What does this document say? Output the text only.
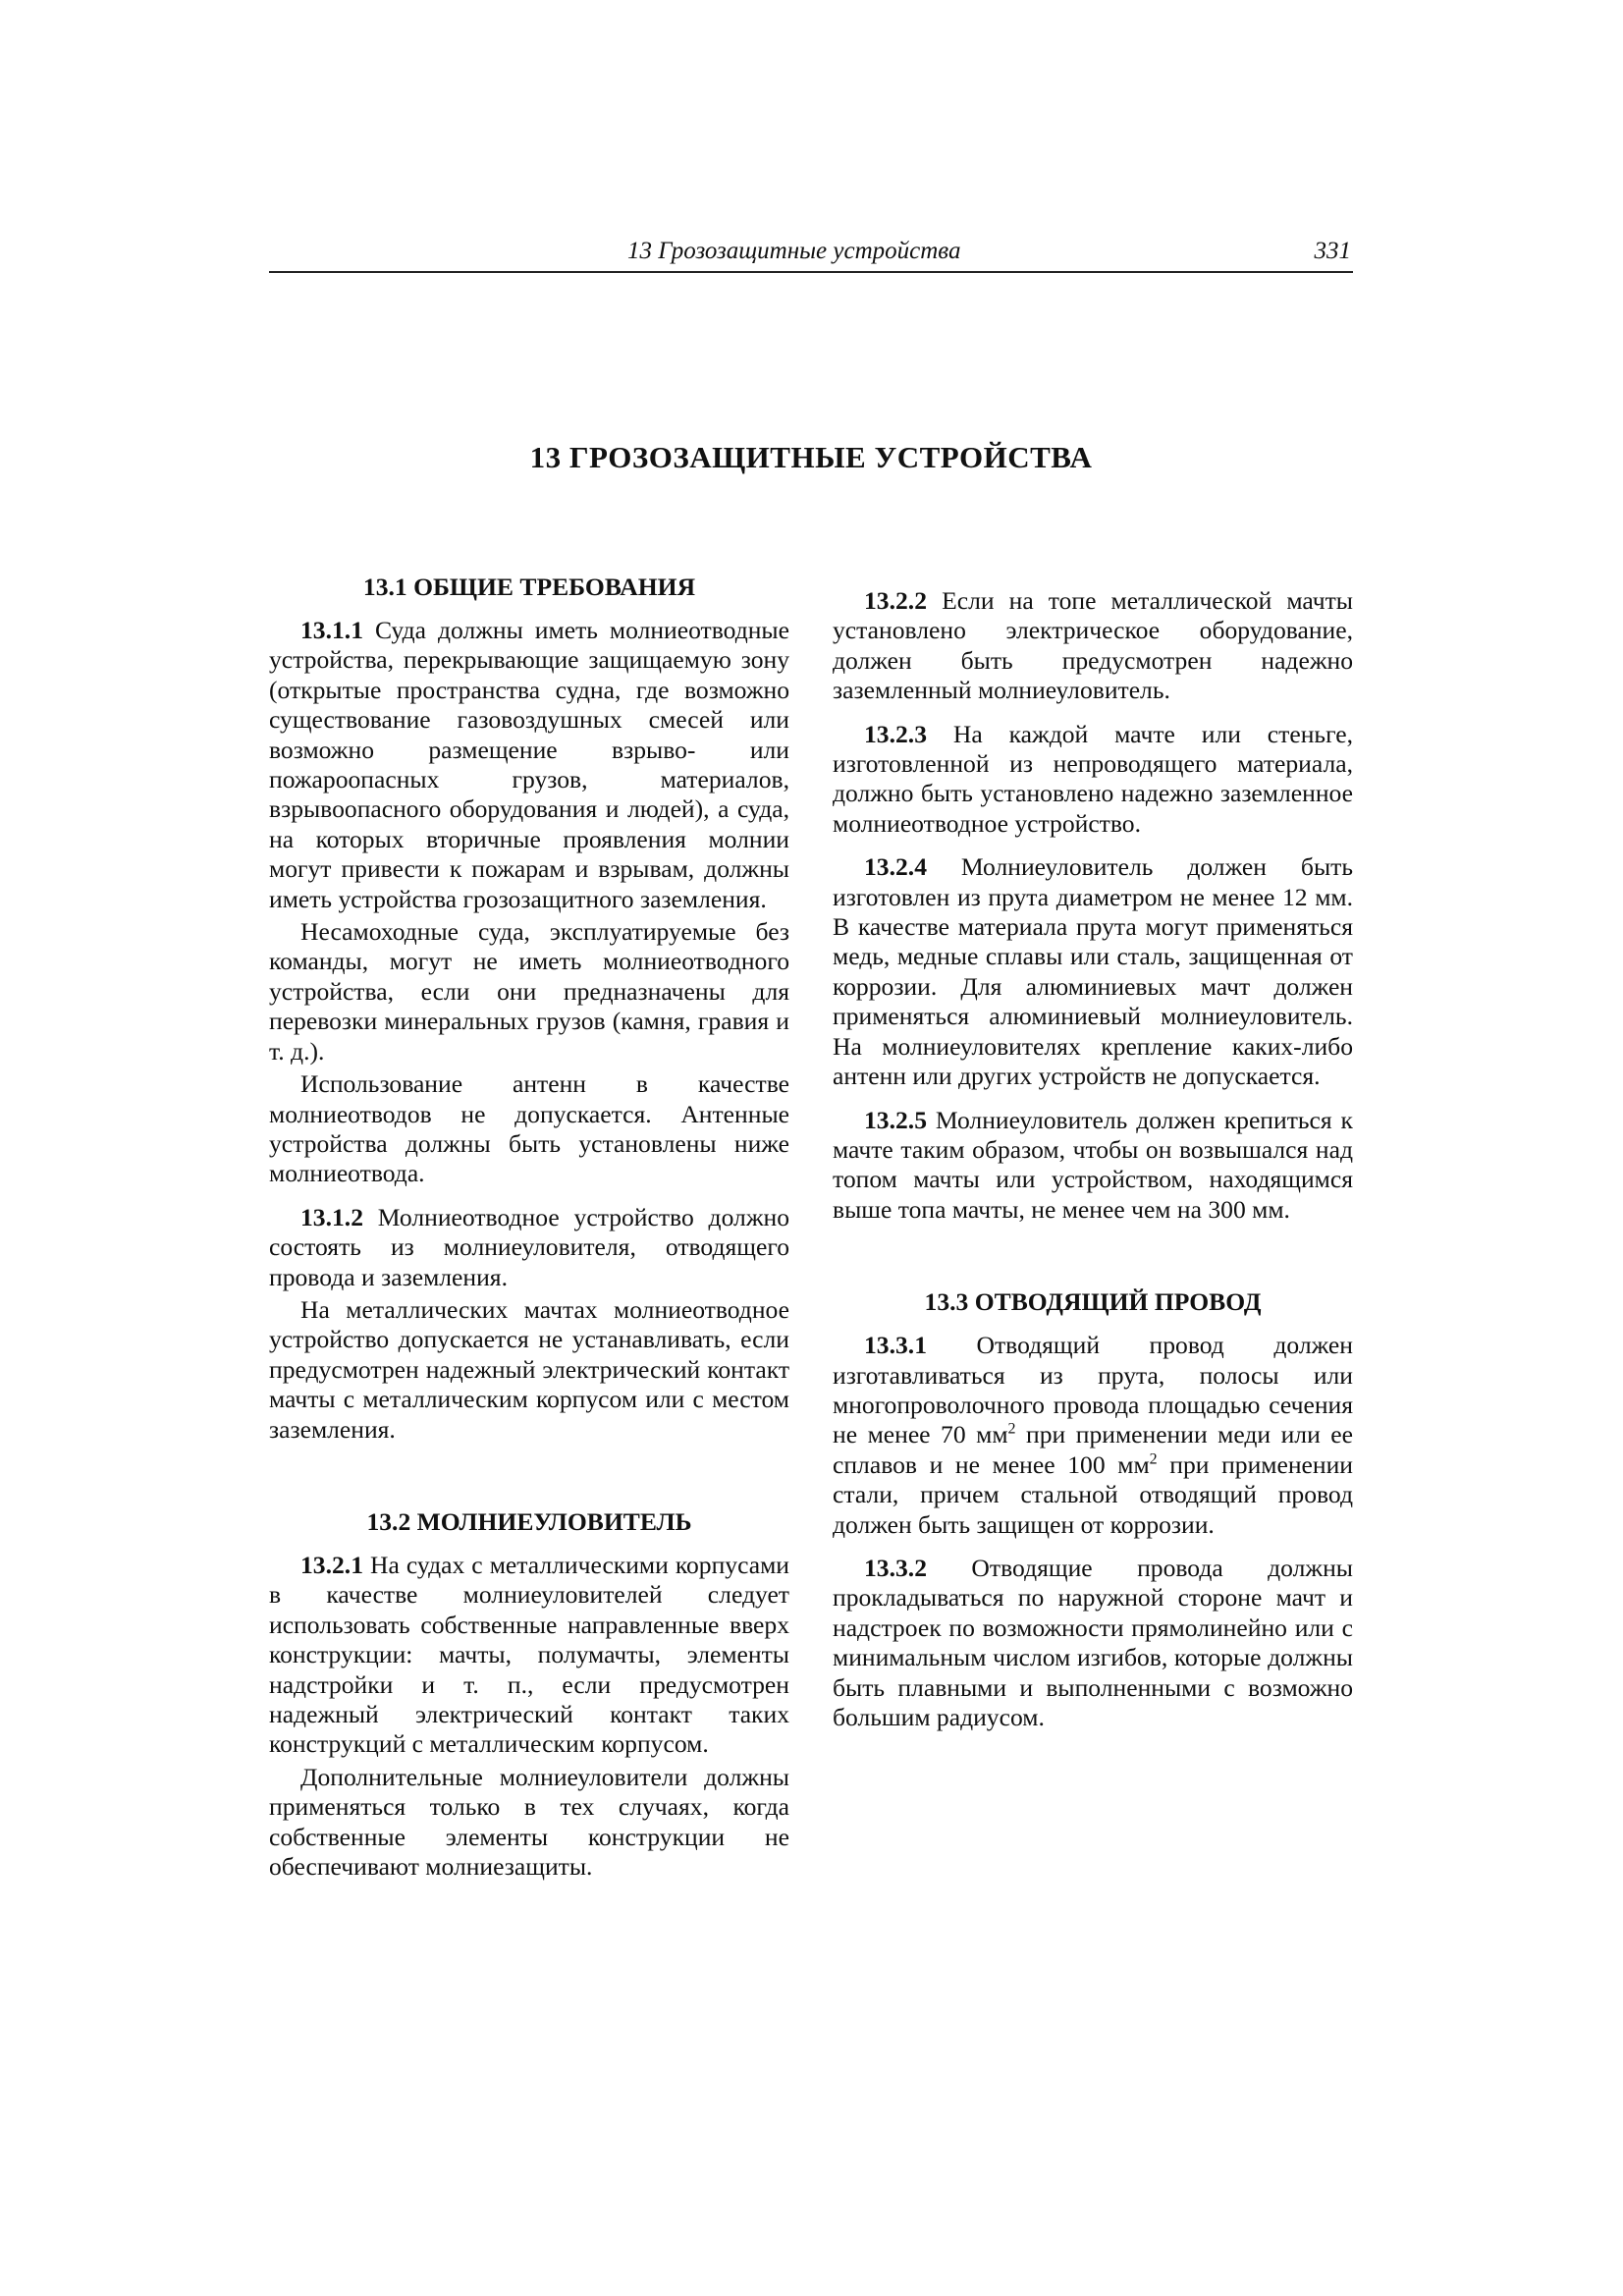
13 Грозозащитные устройства	331
13 ГРОЗОЗАЩИТНЫЕ УСТРОЙСТВА
13.1 ОБЩИЕ ТРЕБОВАНИЯ

13.1.1 Суда должны иметь молниеотводные устройства, перекрывающие защищаемую зону (открытые пространства судна, где возможно существование газовоздушных смесей или возможно размещение взрыво- или пожароопасных грузов, материалов, взрывоопасного оборудования и людей), а суда, на которых вторичные проявления молнии могут привести к пожарам и взрывам, должны иметь устройства грозозащитного заземления.

Несамоходные суда, эксплуатируемые без команды, могут не иметь молниеотводного устройства, если они предназначены для перевозки минеральных грузов (камня, гравия и т. д.).

Использование антенн в качестве молниеотводов не допускается. Антенные устройства должны быть установлены ниже молниеотвода.

13.1.2 Молниеотводное устройство должно состоять из молниеуловителя, отводящего провода и заземления.

На металлических мачтах молниеотводное устройство допускается не устанавливать, если предусмотрен надежный электрический контакт мачты с металлическим корпусом или с местом заземления.

13.2 МОЛНИЕУЛОВИТЕЛЬ

13.2.1 На судах с металлическими корпусами в качестве молниеуловителей следует использовать собственные направленные вверх конструкции: мачты, полумачты, элементы надстройки и т. п., если предусмотрен надежный электрический контакт таких конструкций с металлическим корпусом.

Дополнительные молниеуловители должны применяться только в тех случаях, когда собственные элементы конструкции не обеспечивают молниезащиты.

13.2.2 Если на топе металлической мачты установлено электрическое оборудование, должен быть предусмотрен надежно заземленный молниеуловитель.

13.2.3 На каждой мачте или стеньге, изготовленной из непроводящего материала, должно быть установлено надежно заземленное молниеотводное устройство.

13.2.4 Молниеуловитель должен быть изготовлен из прута диаметром не менее 12 мм. В качестве материала прута могут применяться медь, медные сплавы или сталь, защищенная от коррозии. Для алюминиевых мачт должен применяться алюминиевый молниеуловитель. На молниеуловителях крепление каких-либо антенн или других устройств не допускается.

13.2.5 Молниеуловитель должен крепиться к мачте таким образом, чтобы он возвышался над топом мачты или устройством, находящимся выше топа мачты, не менее чем на 300 мм.

13.3 ОТВОДЯЩИЙ ПРОВОД

13.3.1 Отводящий провод должен изготавливаться из прута, полосы или многопроволочного провода площадью сечения не менее 70 $мм^2$ при применении меди или ее сплавов и не менее 100 $мм^2$ при применении стали, причем стальной отводящий провод должен быть защищен от коррозии.

13.3.2 Отводящие провода должны прокладываться по наружной стороне мачт и надстроек по возможности прямолинейно или с минимальным числом изгибов, которые должны быть плавными и выполненными с возможно большим радиусом.
